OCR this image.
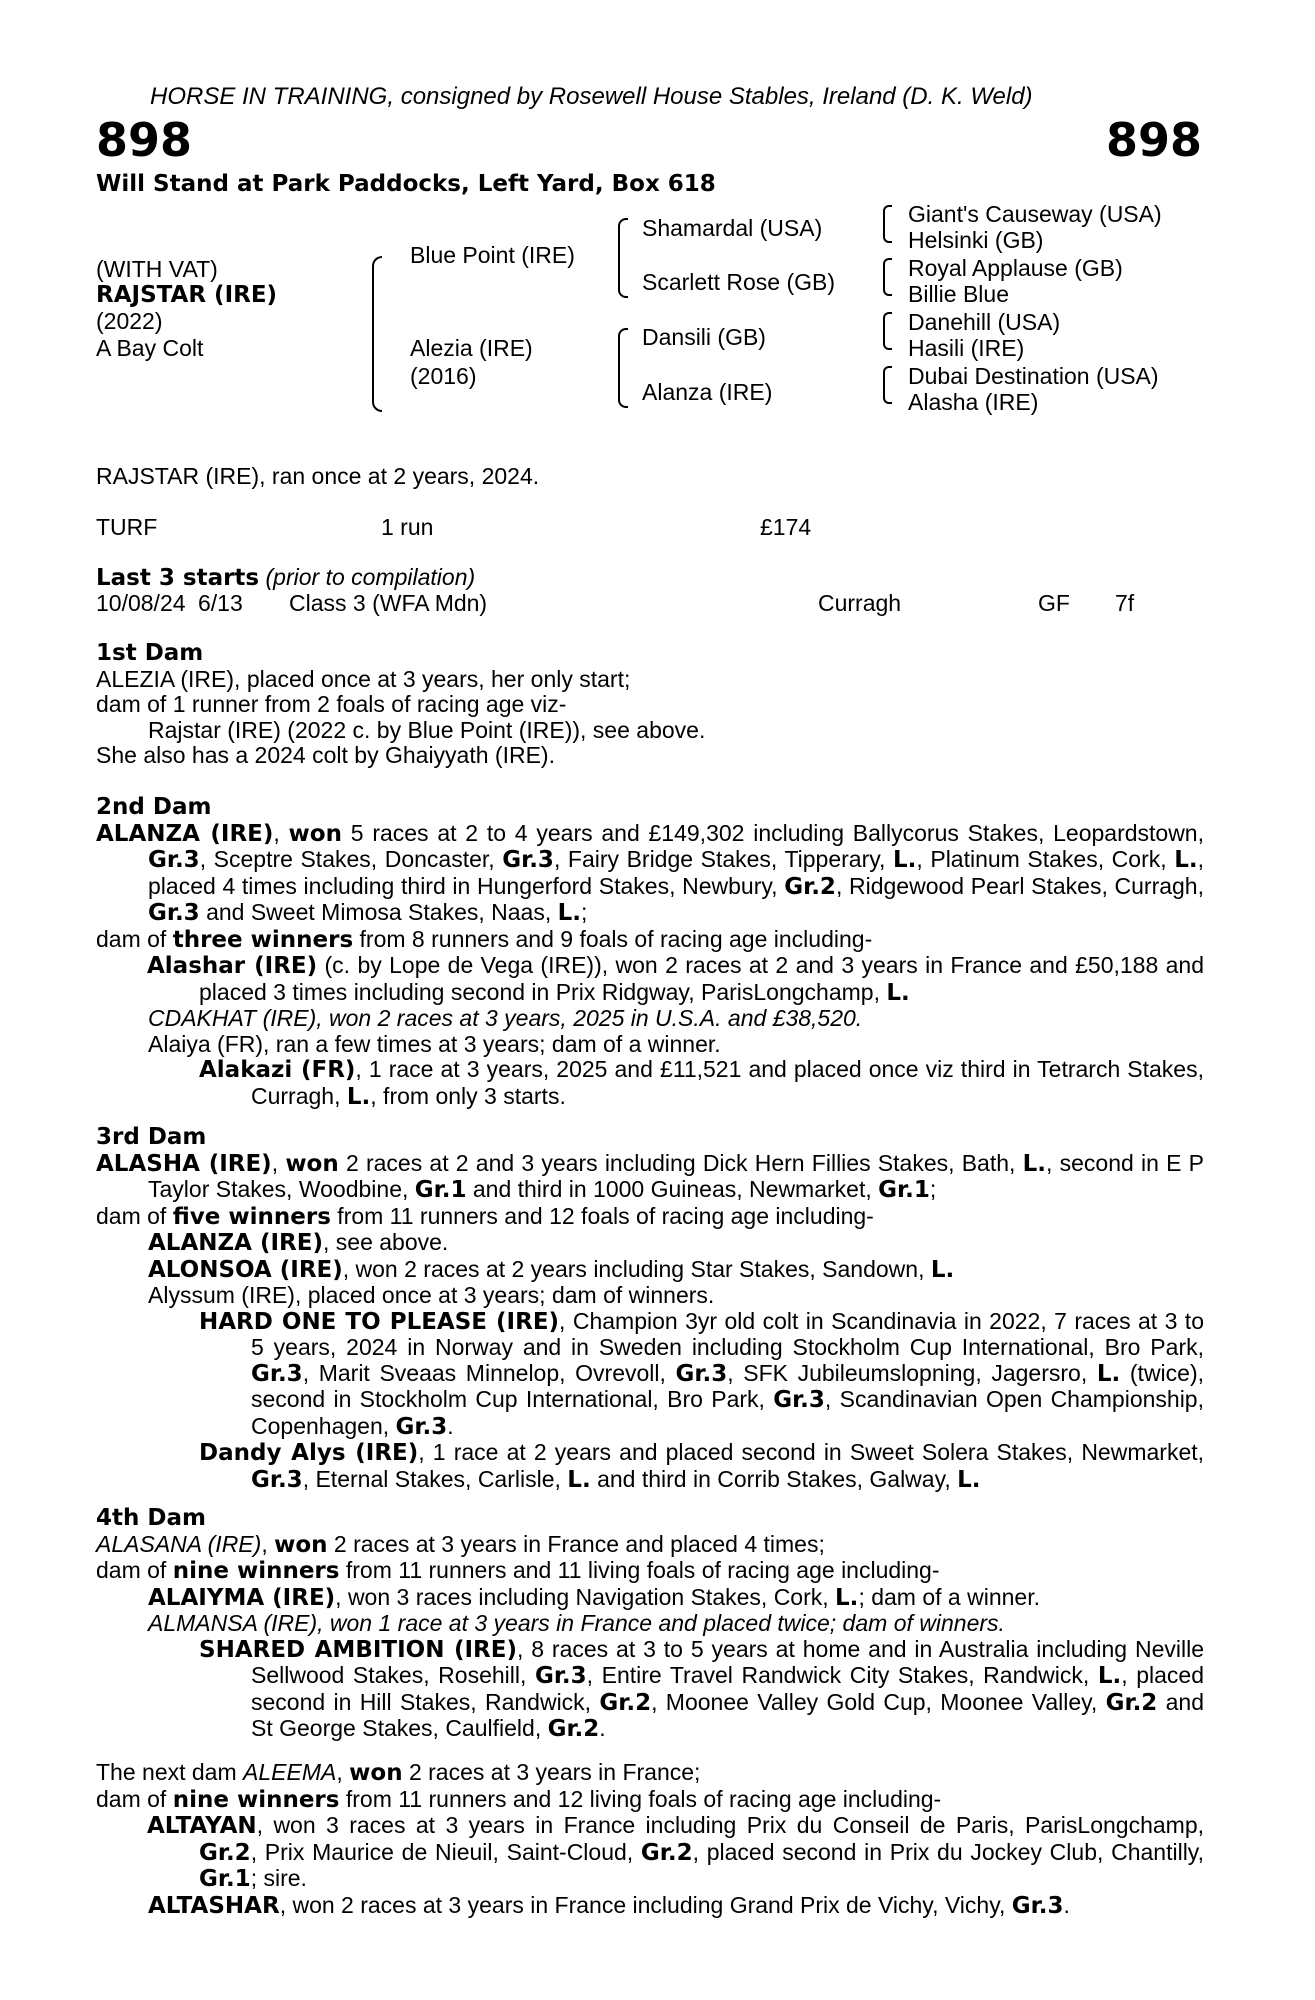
HORSE IN TRAINING, consigned by Rosewell House Stables, Ireland (D. K. Weld)
898	898
Will Stand at Park Paddocks, Left Yard, Box 618
(WITH VAT)
RAJSTAR (IRE)
(2022)
A Bay Colt
Blue Point (IRE)
Alezia (IRE)
(2016)
Shamardal (USA)
Scarlett Rose (GB)
Dansili (GB)
Alanza (IRE)
Giant's Causeway (USA)
Helsinki (GB)
Royal Applause (GB)
Billie Blue
Danehill (USA)
Hasili (IRE)
Dubai Destination (USA)
Alasha (IRE)
RAJSTAR (IRE), ran once at 2 years, 2024.
TURF	1 run	£174
Last 3 starts (prior to compilation)
10/08/24 6/13 Class 3 (WFA Mdn)	Curragh	GF 7f

1st Dam

ALEZIA (IRE), placed once at 3 years, her only start;

dam of 1 runner from 2 foals of racing age viz-

Rajstar (IRE) (2022 c. by Blue Point (IRE)), see above.

She also has a 2024 colt by Ghaiyyath (IRE).

2nd Dam

ALANZA (IRE), won 5 races at 2 to 4 years and £149,302 including Ballycorus Stakes, Leopardstown, Gr.3, Sceptre Stakes, Doncaster, Gr.3, Fairy Bridge Stakes, Tipperary, L., Platinum Stakes, Cork, L., placed 4 times including third in Hungerford Stakes, Newbury, Gr.2, Ridgewood Pearl Stakes, Curragh, Gr.3 and Sweet Mimosa Stakes, Naas, L.;

dam of three winners from 8 runners and 9 foals of racing age including-

Alashar (IRE) (c. by Lope de Vega (IRE)), won 2 races at 2 and 3 years in France and £50,188 and placed 3 times including second in Prix Ridgway, ParisLongchamp, L.

CDAKHAT (IRE), won 2 races at 3 years, 2025 in U.S.A. and £38,520.

Alaiya (FR), ran a few times at 3 years; dam of a winner.

Alakazi (FR), 1 race at 3 years, 2025 and £11,521 and placed once viz third in Tetrarch Stakes, Curragh, L., from only 3 starts.

3rd Dam

ALASHA (IRE), won 2 races at 2 and 3 years including Dick Hern Fillies Stakes, Bath, L., second in E P Taylor Stakes, Woodbine, Gr.1 and third in 1000 Guineas, Newmarket, Gr.1;

dam of five winners from 11 runners and 12 foals of racing age including-

ALANZA (IRE), see above.

ALONSOA (IRE), won 2 races at 2 years including Star Stakes, Sandown, L.

Alyssum (IRE), placed once at 3 years; dam of winners.

HARD ONE TO PLEASE (IRE), Champion 3yr old colt in Scandinavia in 2022, 7 races at 3 to 5 years, 2024 in Norway and in Sweden including Stockholm Cup International, Bro Park, Gr.3, Marit Sveaas Minnelop, Ovrevoll, Gr.3, SFK Jubileumslopning, Jagersro, L. (twice), second in Stockholm Cup International, Bro Park, Gr.3, Scandinavian Open Championship, Copenhagen, Gr.3.

Dandy Alys (IRE), 1 race at 2 years and placed second in Sweet Solera Stakes, Newmarket, Gr.3, Eternal Stakes, Carlisle, L. and third in Corrib Stakes, Galway, L.

4th Dam

ALASANA (IRE), won 2 races at 3 years in France and placed 4 times;

dam of nine winners from 11 runners and 11 living foals of racing age including-

ALAIYMA (IRE), won 3 races including Navigation Stakes, Cork, L.; dam of a winner.

ALMANSA (IRE), won 1 race at 3 years in France and placed twice; dam of winners.

SHARED AMBITION (IRE), 8 races at 3 to 5 years at home and in Australia including Neville Sellwood Stakes, Rosehill, Gr.3, Entire Travel Randwick City Stakes, Randwick, L., placed second in Hill Stakes, Randwick, Gr.2, Moonee Valley Gold Cup, Moonee Valley, Gr.2 and St George Stakes, Caulfield, Gr.2.

The next dam ALEEMA, won 2 races at 3 years in France;

dam of nine winners from 11 runners and 12 living foals of racing age including-

ALTAYAN, won 3 races at 3 years in France including Prix du Conseil de Paris, ParisLongchamp, Gr.2, Prix Maurice de Nieuil, Saint-Cloud, Gr.2, placed second in Prix du Jockey Club, Chantilly, Gr.1; sire.

ALTASHAR, won 2 races at 3 years in France including Grand Prix de Vichy, Vichy, Gr.3.
